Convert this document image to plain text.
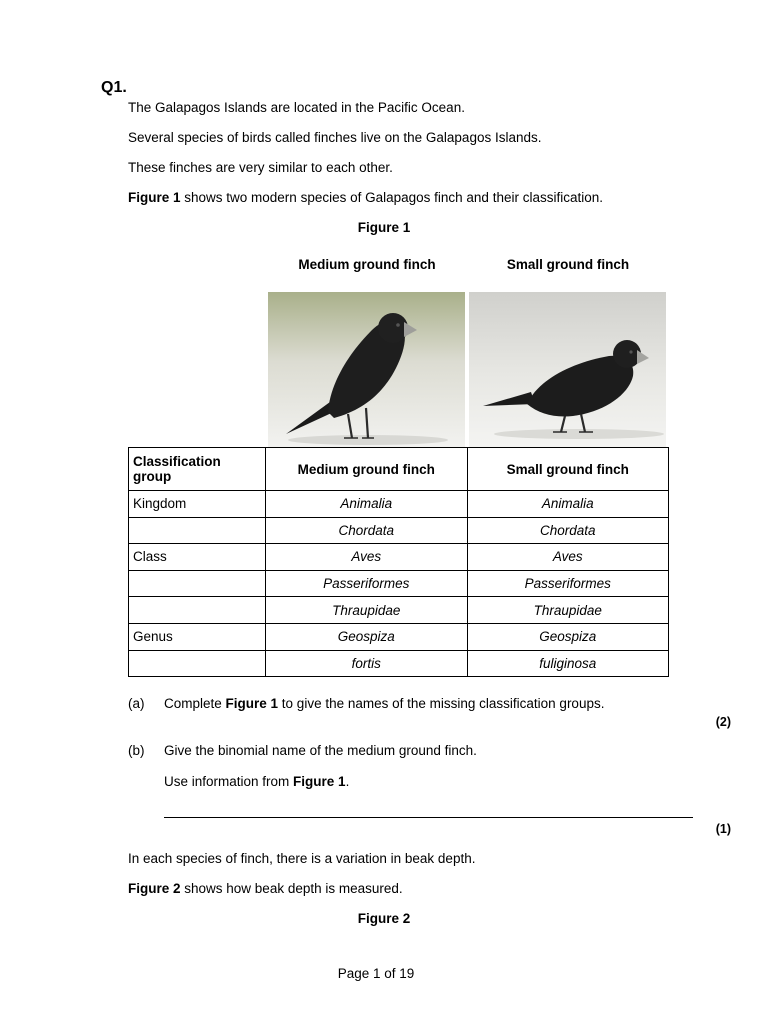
Q1.
The Galapagos Islands are located in the Pacific Ocean.
Several species of birds called finches live on the Galapagos Islands.
These finches are very similar to each other.
Figure 1 shows two modern species of Galapagos finch and their classification.
Figure 1
Medium ground finch	Small ground finch
Classification group	Medium ground finch	Small ground finch
Kingdom	Animalia	Animalia
	Chordata	Chordata
Class	Aves	Aves
	Passeriformes	Passeriformes
	Thraupidae	Thraupidae
Genus	Geospiza	Geospiza
	fortis	fuliginosa
(a) Complete Figure 1 to give the names of the missing classification groups.
(2)
(b) Give the binomial name of the medium ground finch.
Use information from Figure 1.
(1)
In each species of finch, there is a variation in beak depth.
Figure 2 shows how beak depth is measured.
Figure 2
Page 1 of 19
